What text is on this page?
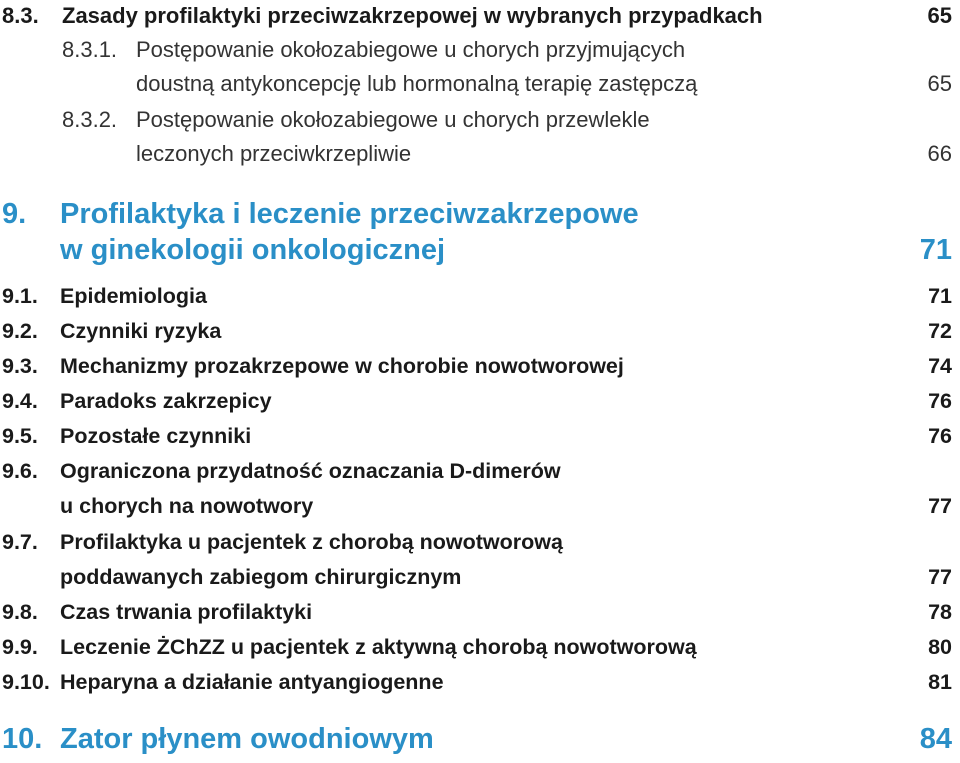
8.3. Zasady profilaktyki przeciwzakrzepowej w wybranych przypadkach	65
8.3.1. Postępowanie okołozabiegowe u chorych przyjmujących
doustną antykoncepcję lub hormonalną terapię zastępczą	65
8.3.2. Postępowanie okołozabiegowe u chorych przewlekle
leczonych przeciwkrzepliwie	66
9. Profilaktyka i leczenie przeciwzakrzepowe
w ginekologii onkologicznej	71
9.1. Epidemiologia	71
9.2. Czynniki ryzyka	72
9.3. Mechanizmy prozakrzepowe w chorobie nowotworowej	74
9.4. Paradoks zakrzepicy	76
9.5. Pozostałe czynniki	76
9.6. Ograniczona przydatność oznaczania D-dimerów
u chorych na nowotwory	77
9.7. Profilaktyka u pacjentek z chorobą nowotworową
poddawanych zabiegom chirurgicznym	77
9.8. Czas trwania profilaktyki	78
9.9. Leczenie ŻChZZ u pacjentek z aktywną chorobą nowotworową	80
9.10. Heparyna a działanie antyangiogenne	81
10. Zator płynem owodniowym	84
